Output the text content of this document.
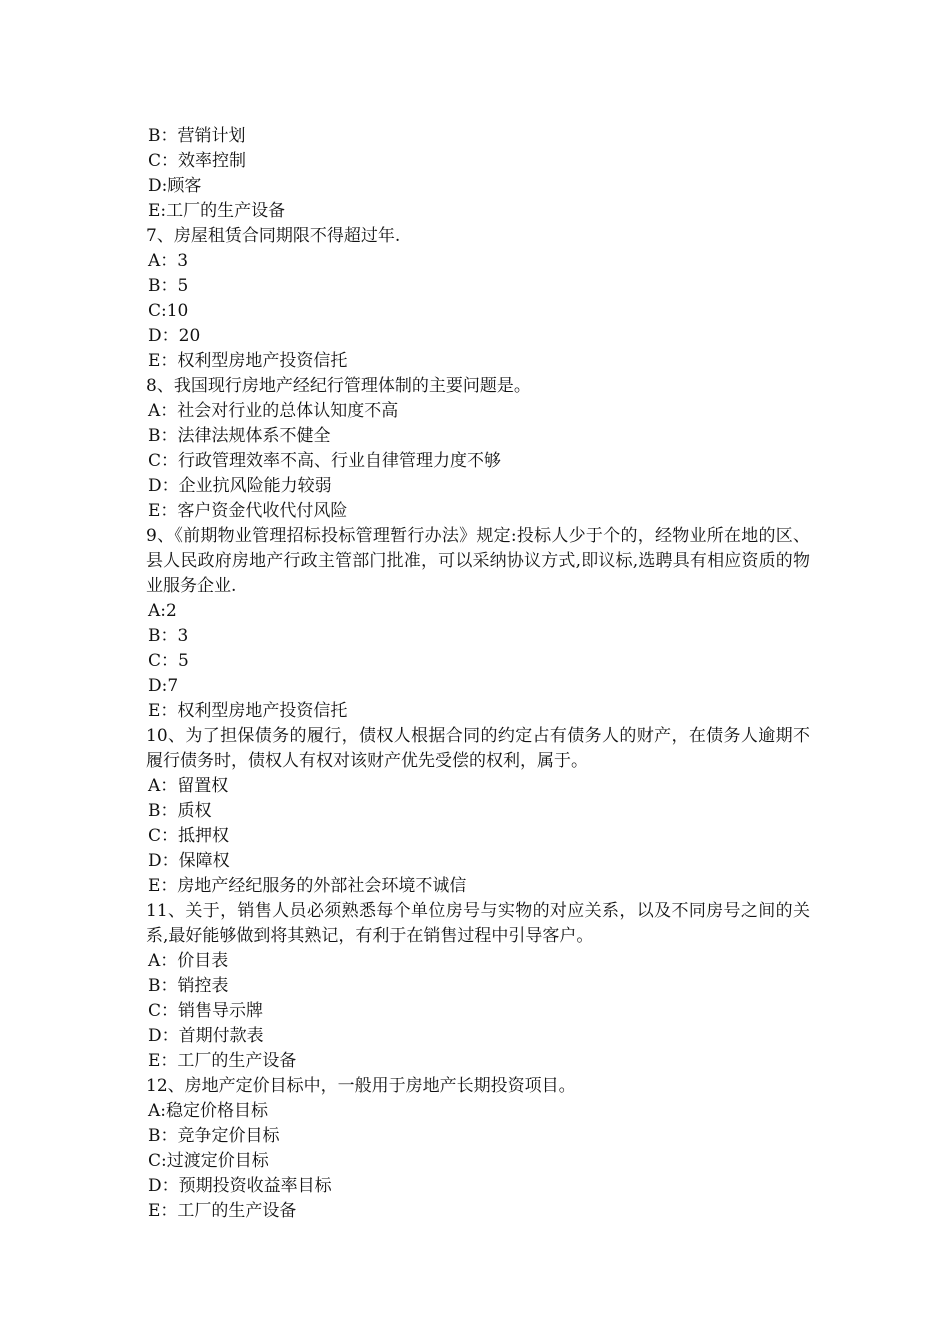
B：营销计划
C：效率控制
D:顾客
E:工厂的生产设备
7、房屋租赁合同期限不得超过年.
A：3
B：5
C:10
D：20
E：权利型房地产投资信托
8、我国现行房地产经纪行管理体制的主要问题是。
A：社会对行业的总体认知度不高
B：法律法规体系不健全
C：行政管理效率不高、行业自律管理力度不够
D：企业抗风险能力较弱
E：客户资金代收代付风险
9、《前期物业管理招标投标管理暂行办法》规定:投标人少于个的，经物业所在地的区、县人民政府房地产行政主管部门批准，可以采纳协议方式,即议标,选聘具有相应资质的物业服务企业.
A:2
B：3
C：5
D:7
E：权利型房地产投资信托
10、为了担保债务的履行，债权人根据合同的约定占有债务人的财产，在债务人逾期不履行债务时，债权人有权对该财产优先受偿的权利，属于。
A：留置权
B：质权
C：抵押权
D：保障权
E：房地产经纪服务的外部社会环境不诚信
11、关于，销售人员必须熟悉每个单位房号与实物的对应关系，以及不同房号之间的关系,最好能够做到将其熟记，有利于在销售过程中引导客户。
A：价目表
B：销控表
C：销售导示牌
D：首期付款表
E：工厂的生产设备
12、房地产定价目标中，一般用于房地产长期投资项目。
A:稳定价格目标
B：竞争定价目标
C:过渡定价目标
D：预期投资收益率目标
E：工厂的生产设备
